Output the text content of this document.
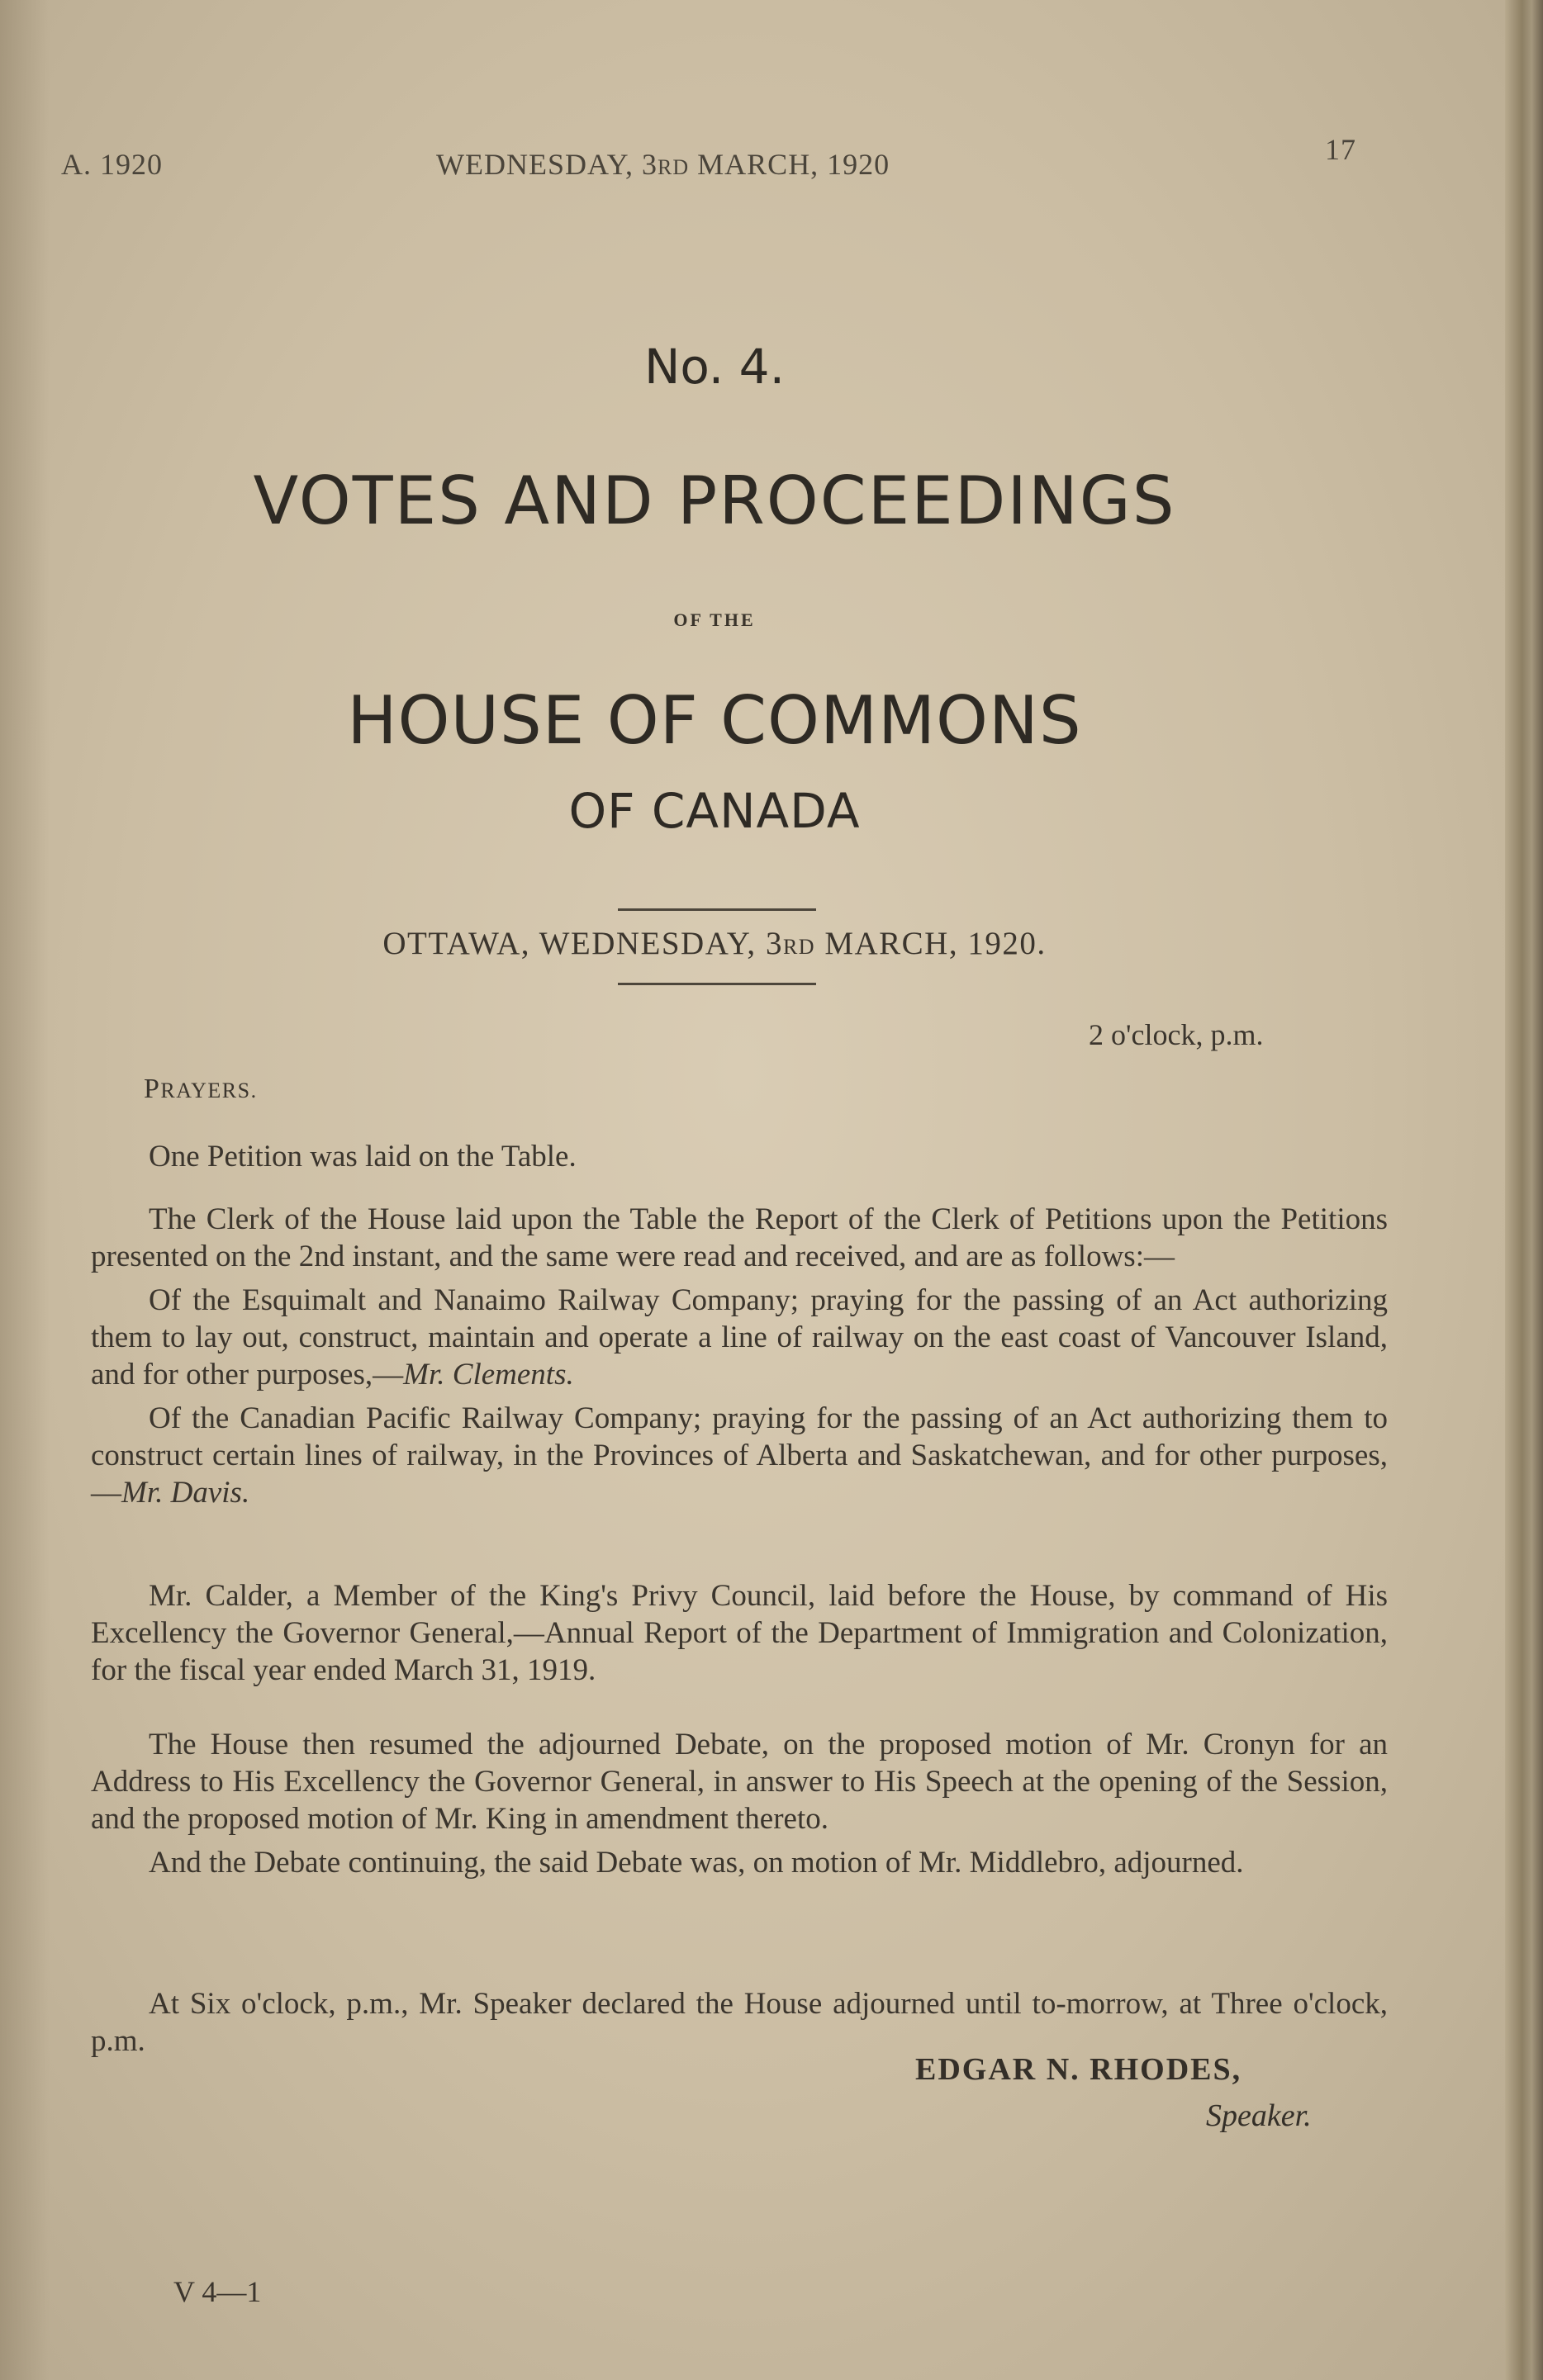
A. 1920	WEDNESDAY, 3RD MARCH, 1920	17
No. 4.
VOTES AND PROCEEDINGS
OF THE
HOUSE OF COMMONS
OF CANADA
OTTAWA, WEDNESDAY, 3RD MARCH, 1920.
2 o'clock, p.m.
PRAYERS.

One Petition was laid on the Table.

The Clerk of the House laid upon the Table the Report of the Clerk of Petitions upon the Petitions presented on the 2nd instant, and the same were read and received, and are as follows:—

Of the Esquimalt and Nanaimo Railway Company; praying for the passing of an Act authorizing them to lay out, construct, maintain and operate a line of railway on the east coast of Vancouver Island, and for other purposes,—Mr. Clements.

Of the Canadian Pacific Railway Company; praying for the passing of an Act authorizing them to construct certain lines of railway, in the Provinces of Alberta and Saskatchewan, and for other purposes,—Mr. Davis.

Mr. Calder, a Member of the King's Privy Council, laid before the House, by command of His Excellency the Governor General,—Annual Report of the Department of Immigration and Colonization, for the fiscal year ended March 31, 1919.

The House then resumed the adjourned Debate, on the proposed motion of Mr. Cronyn for an Address to His Excellency the Governor General, in answer to His Speech at the opening of the Session, and the proposed motion of Mr. King in amendment thereto.

And the Debate continuing, the said Debate was, on motion of Mr. Middlebro, adjourned.

At Six o'clock, p.m., Mr. Speaker declared the House adjourned until to-morrow, at Three o'clock, p.m.

EDGAR N. RHODES,
Speaker.
V 4—1
